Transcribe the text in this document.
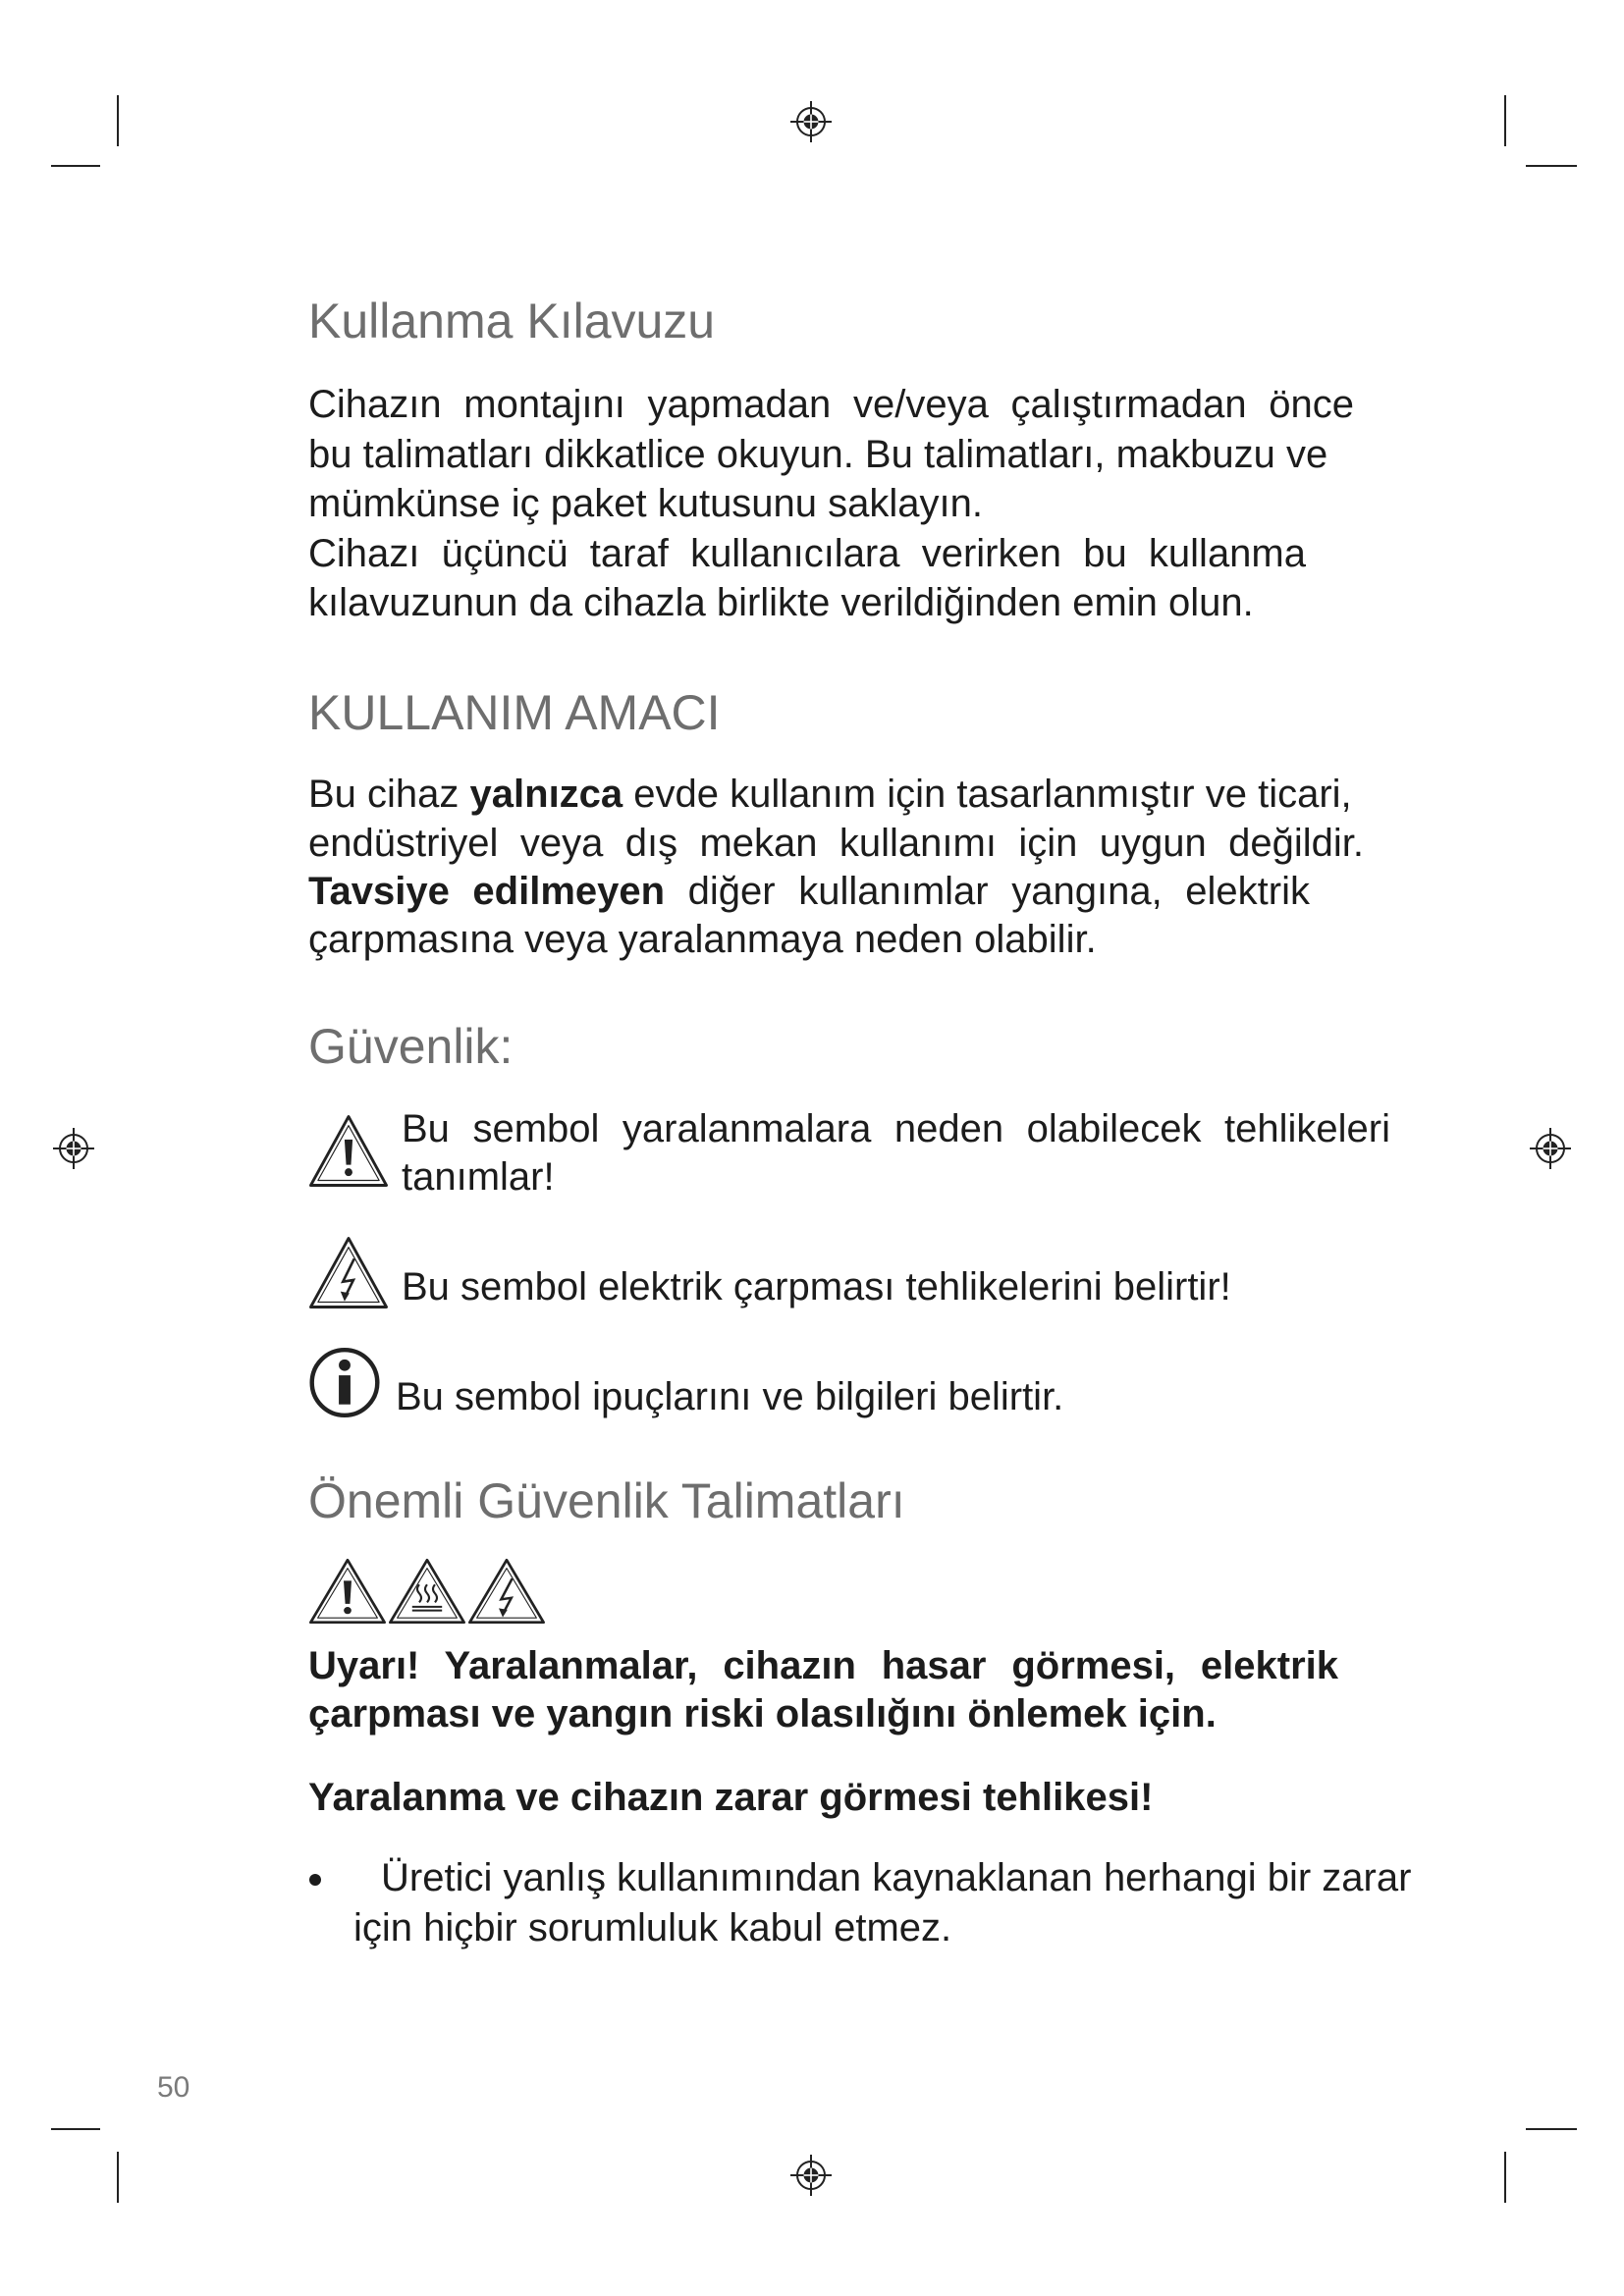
Kullanma Kılavuzu
Cihazın montajını yapmadan ve/veya çalıştırmadan önce
bu talimatları dikkatlice okuyun. Bu talimatları, makbuzu ve
mümkünse iç paket kutusunu saklayın.
Cihazı üçüncü taraf kullanıcılara verirken bu kullanma
kılavuzunun da cihazla birlikte verildiğinden emin olun.
KULLANIM AMACI
Bu cihaz yalnızca evde kullanım için tasarlanmıştır ve ticari,
endüstriyel veya dış mekan kullanımı için uygun değildir.
Tavsiye edilmeyen diğer kullanımlar yangına, elektrik
çarpmasına veya yaralanmaya neden olabilir.
Güvenlik:
Bu sembol yaralanmalara neden olabilecek tehlikeleri
tanımlar!
Bu sembol elektrik çarpması tehlikelerini belirtir!
Bu sembol ipuçlarını ve bilgileri belirtir.
Önemli Güvenlik Talimatları
Uyarı! Yaralanmalar, cihazın hasar görmesi, elektrik
çarpması ve yangın riski olasılığını önlemek için.
Yaralanma ve cihazın zarar görmesi tehlikesi!
Üretici yanlış kullanımından kaynaklanan herhangi bir zarar
için hiçbir sorumluluk kabul etmez.
50
